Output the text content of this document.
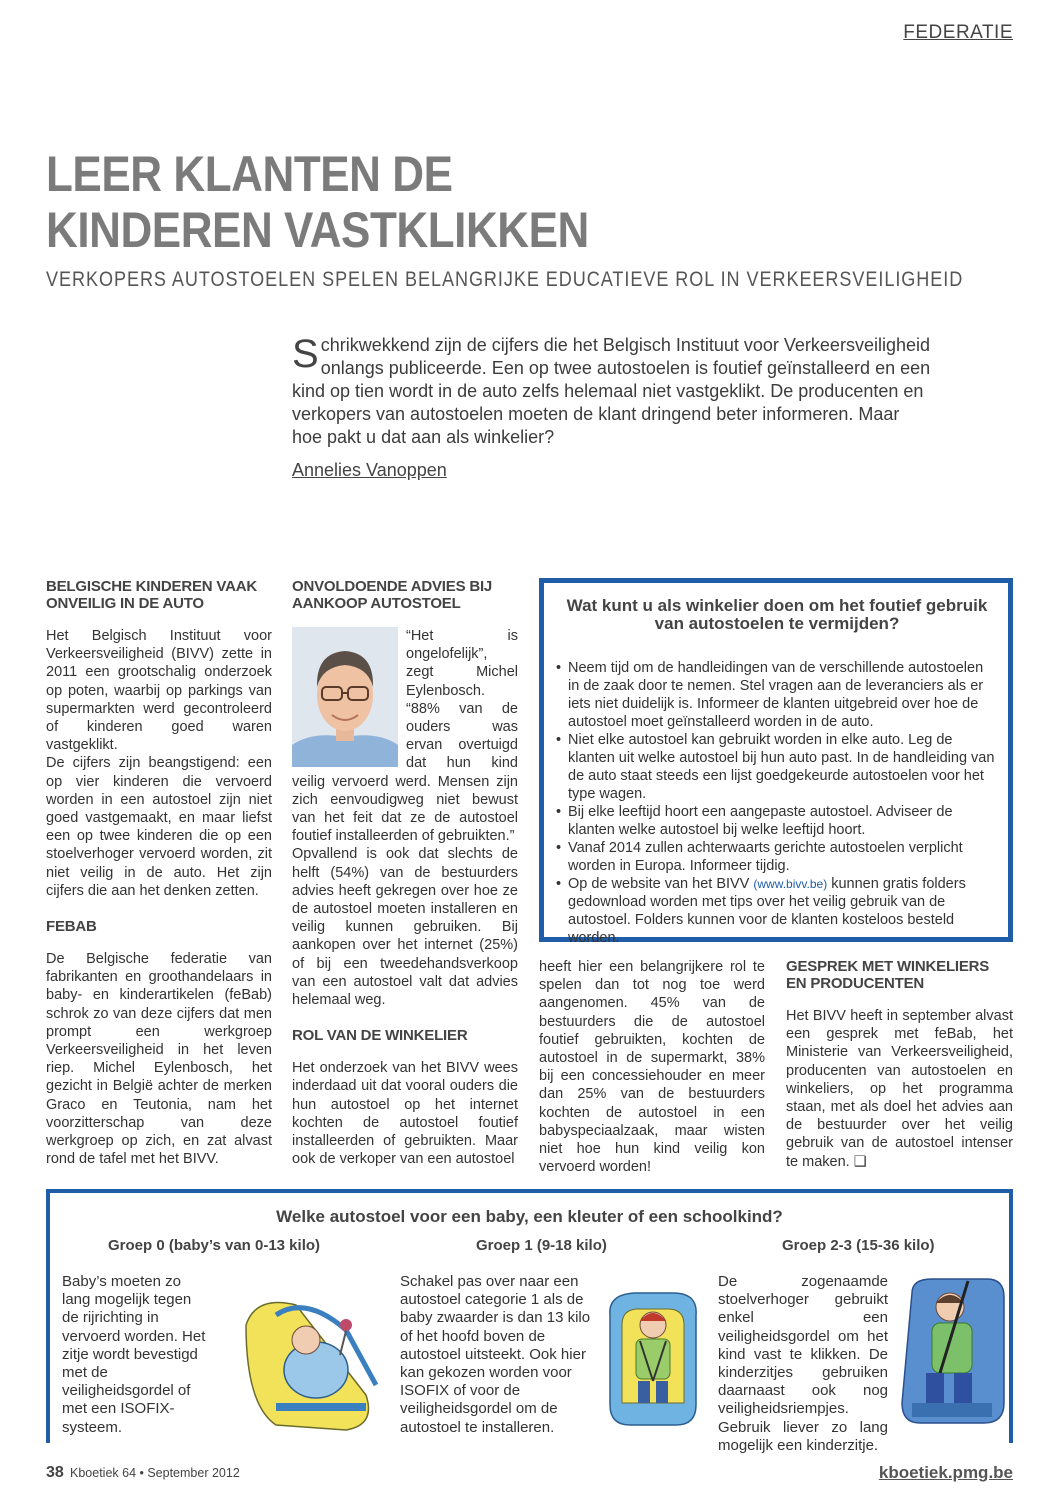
FEDERATIE
LEER KLANTEN DE
KINDEREN VASTKLIKKEN
VERKOPERS AUTOSTOELEN SPELEN BELANGRIJKE EDUCATIEVE ROL IN VERKEERSVEILIGHEID
Schrikwekkend zijn de cijfers die het Belgisch Instituut voor Verkeersveiligheid onlangs publiceerde. Een op twee autostoelen is foutief geïnstalleerd en een kind op tien wordt in de auto zelfs helemaal niet vastgeklikt. De producenten en verkopers van autostoelen moeten de klant dringend beter informeren. Maar hoe pakt u dat aan als winkelier?
Annelies Vanoppen
BELGISCHE KINDEREN VAAK ONVEILIG IN DE AUTO

Het Belgisch Instituut voor Verkeersveiligheid (BIVV) zette in 2011 een grootschalig onderzoek op poten, waarbij op parkings van supermarkten werd gecontroleerd of kinderen goed waren vastgeklikt.

De cijfers zijn beangstigend: een op vier kinderen die vervoerd worden in een autostoel zijn niet goed vastgemaakt, en maar liefst een op twee kinderen die op een stoelverhoger vervoerd worden, zit niet veilig in de auto. Het zijn cijfers die aan het denken zetten.

FEBAB

De Belgische federatie van fabrikanten en groothandelaars in baby- en kinderartikelen (feBab) schrok zo van deze cijfers dat men prompt een werkgroep Verkeersveiligheid in het leven riep. Michel Eylenbosch, het gezicht in België achter de merken Graco en Teutonia, nam het voorzitterschap van deze werkgroep op zich, en zat alvast rond de tafel met het BIVV.

ONVOLDOENDE ADVIES BIJ AANKOOP AUTOSTOEL

“Het is ongelofelijk”, zegt Michel Eylenbosch. “88% van de ouders was ervan overtuigd dat hun kind veilig vervoerd werd. Mensen zijn zich eenvoudigweg niet bewust van het feit dat ze de autostoel foutief installeerden of gebruikten.”

Opvallend is ook dat slechts de helft (54%) van de bestuurders advies heeft gekregen over hoe ze de autostoel moeten installeren en veilig kunnen gebruiken. Bij aankopen over het internet (25%) of bij een tweedehandsverkoop van een autostoel valt dat advies helemaal weg.

ROL VAN DE WINKELIER

Het onderzoek van het BIVV wees inderdaad uit dat vooral ouders die hun autostoel op het internet kochten de autostoel foutief installeerden of gebruikten. Maar ook de verkoper van een autostoel

Wat kunt u als winkelier doen om het foutief gebruik van autostoelen te vermijden?
• Neem tijd om de handleidingen van de verschillende autostoelen in de zaak door te nemen. Stel vragen aan de leveranciers als er iets niet duidelijk is. Informeer de klanten uitgebreid over hoe de autostoel moet geïnstalleerd worden in de auto.
• Niet elke autostoel kan gebruikt worden in elke auto. Leg de klanten uit welke autostoel bij hun auto past. In de handleiding van de auto staat steeds een lijst goedgekeurde autostoelen voor het type wagen.
• Bij elke leeftijd hoort een aangepaste autostoel. Adviseer de klanten welke autostoel bij welke leeftijd hoort.
• Vanaf 2014 zullen achterwaarts gerichte autostoelen verplicht worden in Europa. Informeer tijdig.
• Op de website van het BIVV (www.bivv.be) kunnen gratis folders gedownload worden met tips over het veilig gebruik van de autostoel. Folders kunnen voor de klanten kosteloos besteld worden.

heeft hier een belangrijkere rol te spelen dan tot nog toe werd aangenomen. 45% van de bestuurders die de autostoel foutief gebruikten, kochten de autostoel in de supermarkt, 38% bij een concessiehouder en meer dan 25% van de bestuurders kochten de autostoel in een babyspeciaalzaak, maar wisten niet hoe hun kind veilig kon vervoerd worden!

GESPREK MET WINKELIERS EN PRODUCENTEN

Het BIVV heeft in september alvast een gesprek met feBab, het Ministerie van Verkeersveiligheid, producenten van autostoelen en winkeliers, op het programma staan, met als doel het advies aan de bestuurder over het veilig gebruik van de autostoel intenser te maken. ❑

Welke autostoel voor een baby, een kleuter of een schoolkind?
Groep 0 (baby’s van 0-13 kilo)	Groep 1 (9-18 kilo)	Groep 2-3 (15-36 kilo)
Baby’s moeten zo lang mogelijk tegen de rijrichting in vervoerd worden. Het zitje wordt bevestigd met de veiligheidsgordel of met een ISOFIX-systeem.
Schakel pas over naar een autostoel categorie 1 als de baby zwaarder is dan 13 kilo of het hoofd boven de autostoel uitsteekt. Ook hier kan gekozen worden voor ISOFIX of voor de veiligheidsgordel om de autostoel te installeren.
De zogenaamde stoelverhoger gebruikt enkel een veiligheidsgordel om het kind vast te klikken. De kinderzitjes gebruiken daarnaast ook nog veiligheidsriempjes. Gebruik liever zo lang mogelijk een kinderzitje.
38 Kboetiek 64 • September 2012	kboetiek.pmg.be
